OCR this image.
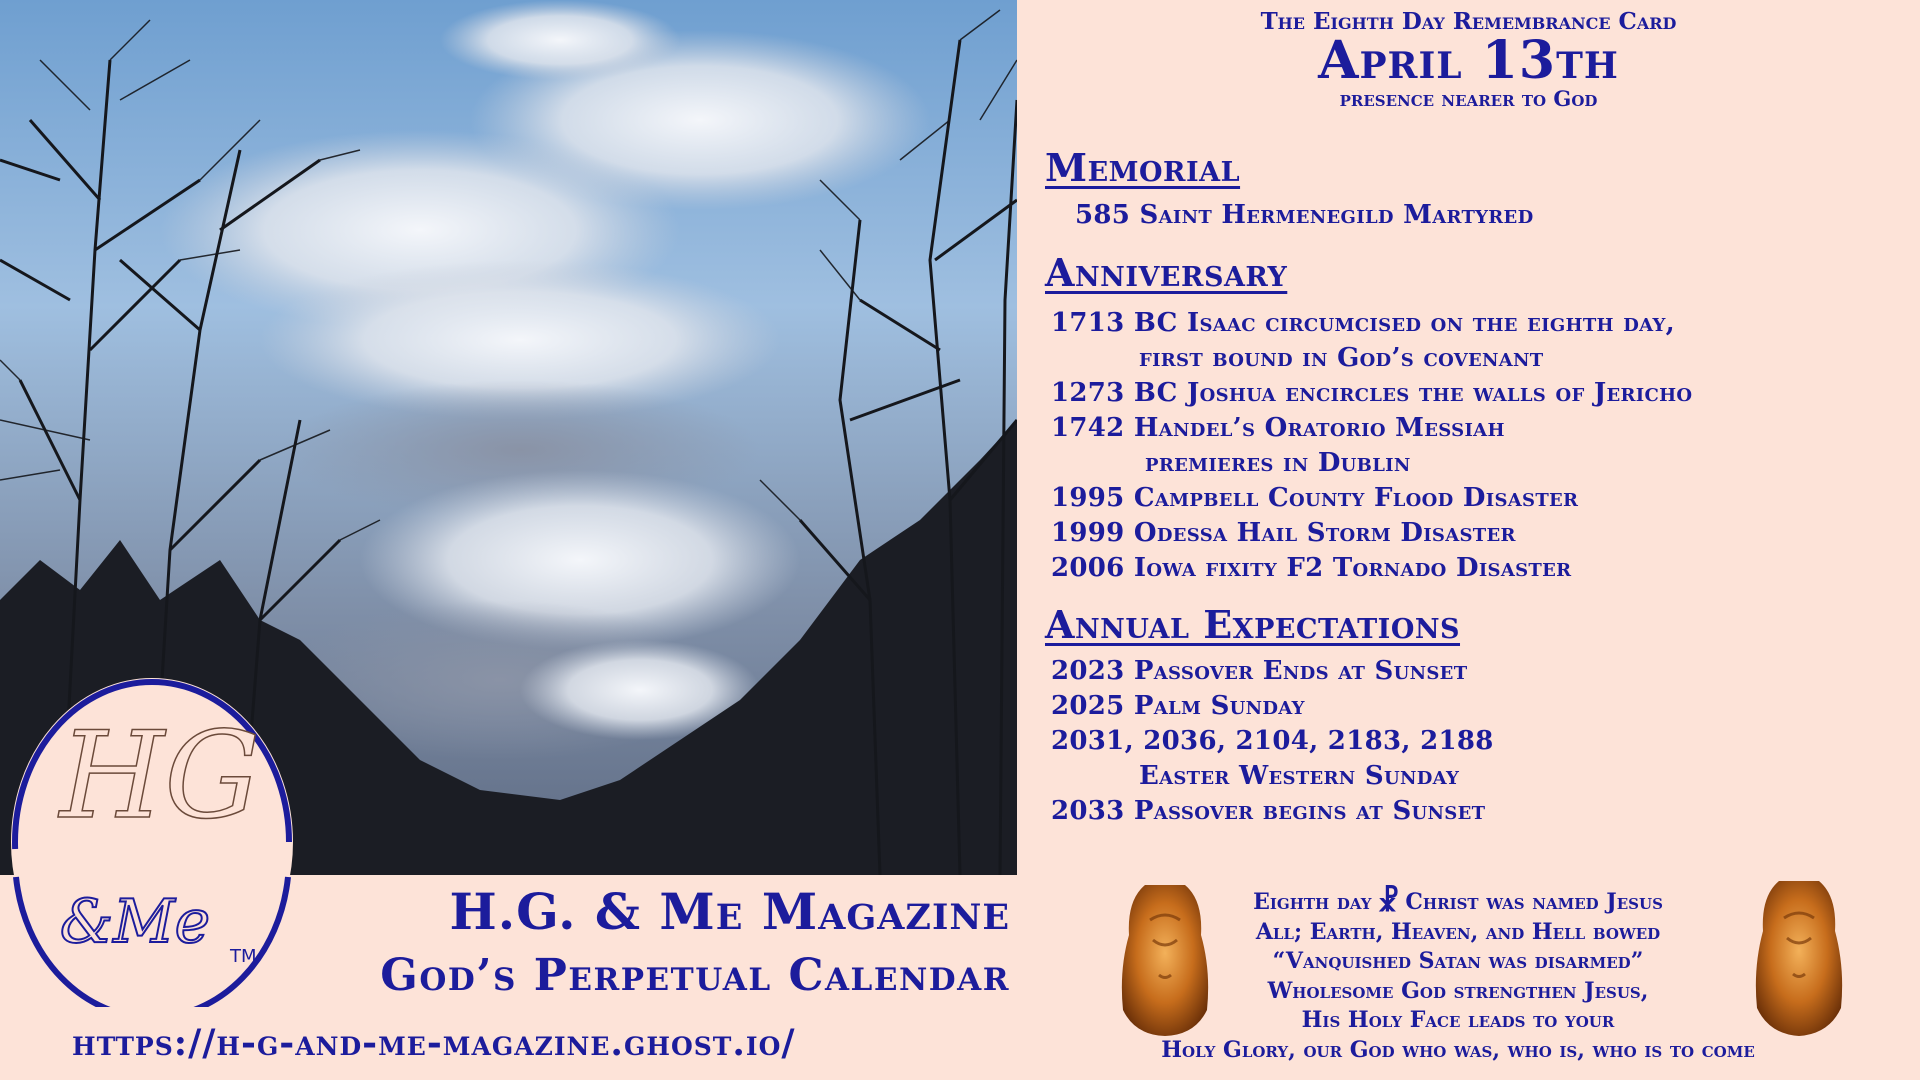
HG
&Me TM
H.G. & Me Magazine
God’s Perpetual Calendar
https://h-g-and-me-magazine.ghost.io/
The Eighth Day Remembrance Card
April 13th
presence nearer to God
Memorial
585 Saint Hermenegild Martyred
Anniversary
1713 BC Isaac circumcised on the eighth day,
first bound in God’s covenant
1273 BC Joshua encircles the walls of Jericho
1742 Handel’s Oratorio Messiah
premieres in Dublin
1995 Campbell County Flood Disaster
1999 Odessa Hail Storm Disaster
2006 Iowa fixity F2 Tornado Disaster
Annual Expectations
2023 Passover Ends at Sunset
2025 Palm Sunday
2031, 2036, 2104, 2183, 2188
Easter Western Sunday
2033 Passover begins at Sunset
Eighth day ☧ Christ was named Jesus
All; Earth, Heaven, and Hell bowed
“Vanquished Satan was disarmed”
Wholesome God strengthen Jesus,
His Holy Face leads to your
Holy Glory, our God who was, who is, who is to come
